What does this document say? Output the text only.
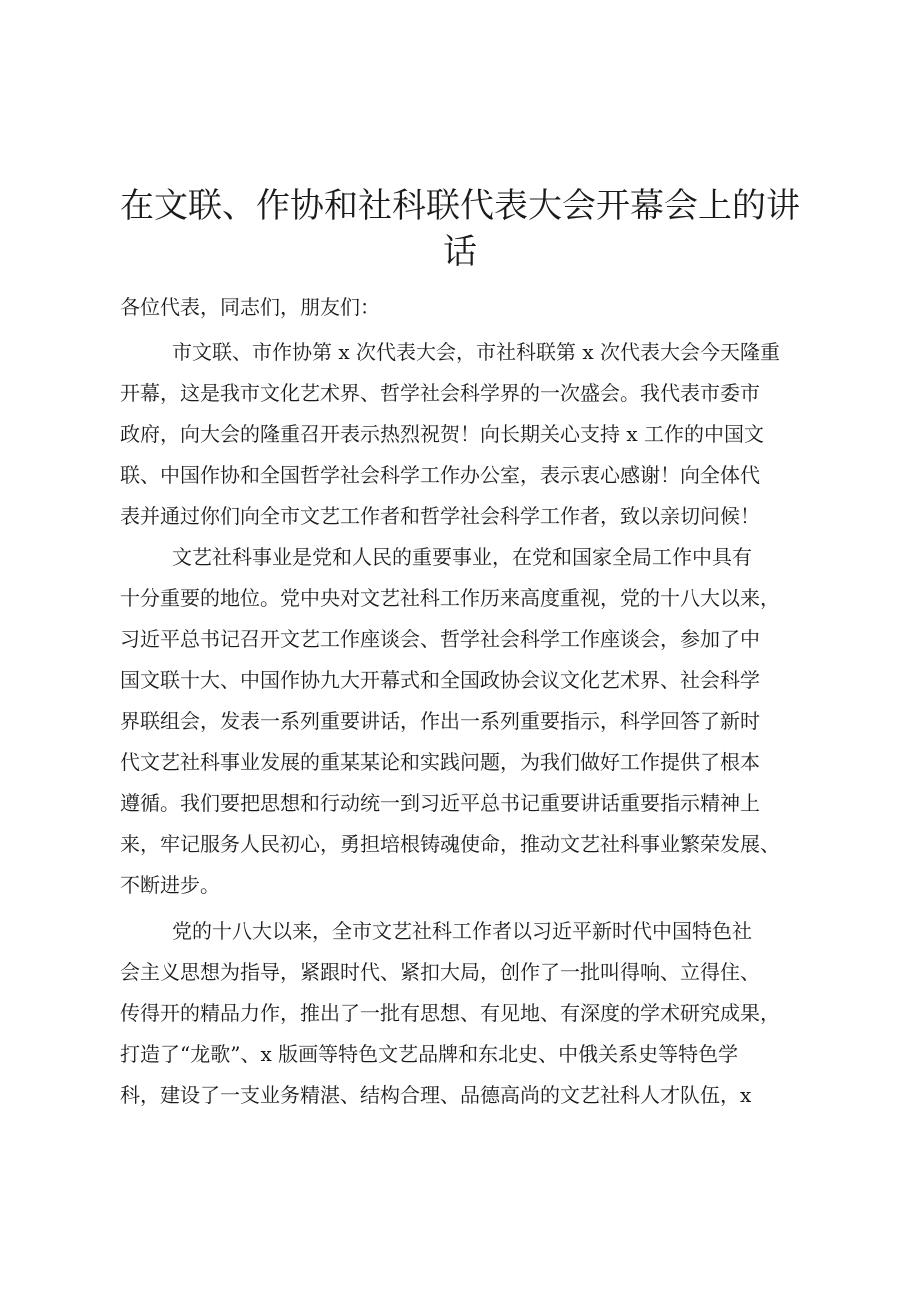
在文联、作协和社科联代表大会开幕会上的讲
话
各位代表，同志们，朋友们：
市文联、市作协第 x 次代表大会，市社科联第 x 次代表大会今天隆重
开幕，这是我市文化艺术界、哲学社会科学界的一次盛会。我代表市委市
政府，向大会的隆重召开表示热烈祝贺！向长期关心支持 x 工作的中国文
联、中国作协和全国哲学社会科学工作办公室，表示衷心感谢！向全体代
表并通过你们向全市文艺工作者和哲学社会科学工作者，致以亲切问候！
文艺社科事业是党和人民的重要事业，在党和国家全局工作中具有
十分重要的地位。党中央对文艺社科工作历来高度重视，党的十八大以来，
习近平总书记召开文艺工作座谈会、哲学社会科学工作座谈会，参加了中
国文联十大、中国作协九大开幕式和全国政协会议文化艺术界、社会科学
界联组会，发表一系列重要讲话，作出一系列重要指示，科学回答了新时
代文艺社科事业发展的重某某论和实践问题，为我们做好工作提供了根本
遵循。我们要把思想和行动统一到习近平总书记重要讲话重要指示精神上
来，牢记服务人民初心，勇担培根铸魂使命，推动文艺社科事业繁荣发展、
不断进步。
党的十八大以来，全市文艺社科工作者以习近平新时代中国特色社
会主义思想为指导，紧跟时代、紧扣大局，创作了一批叫得响、立得住、
传得开的精品力作，推出了一批有思想、有见地、有深度的学术研究成果，
打造了“龙歌”、x 版画等特色文艺品牌和东北史、中俄关系史等特色学
科，建设了一支业务精湛、结构合理、品德高尚的文艺社科人才队伍，x
